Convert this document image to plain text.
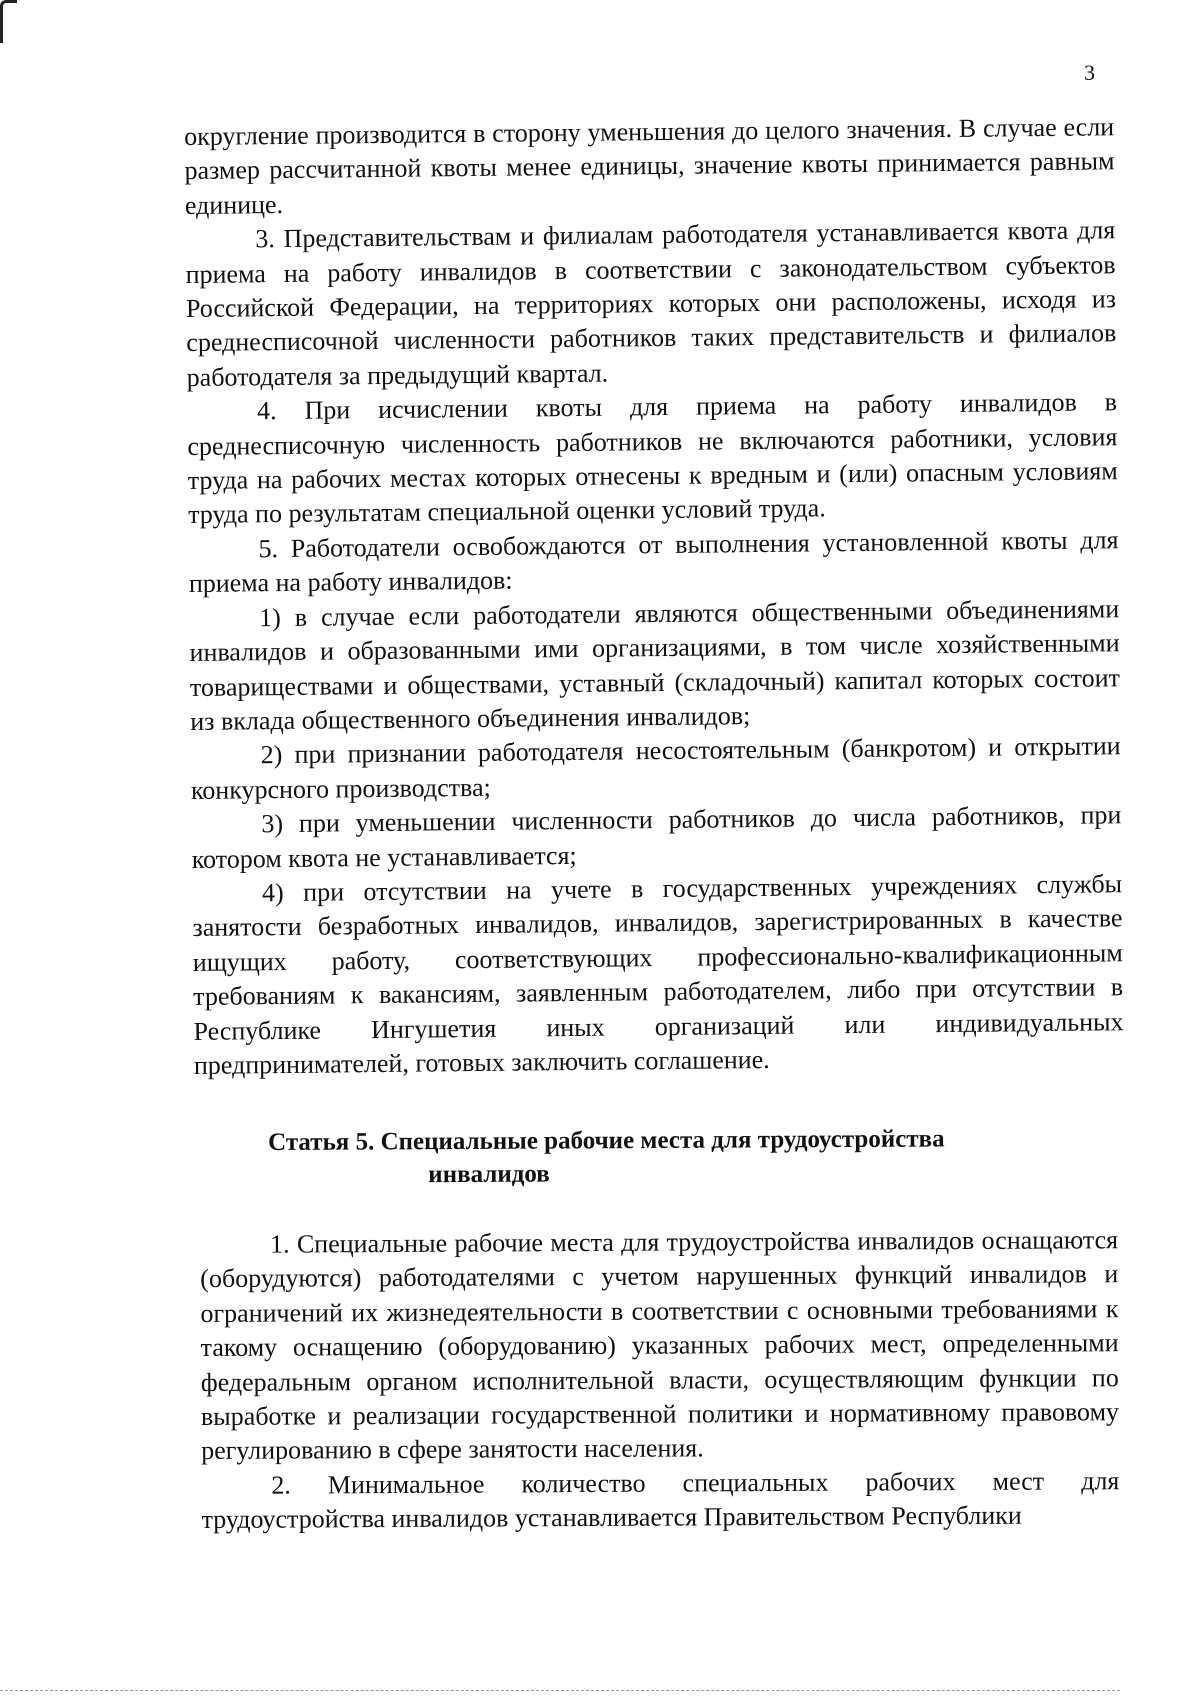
3

округление производится в сторону уменьшения до целого значения. В случае если размер рассчитанной квоты менее единицы, значение квоты принимается равным единице.

3. Представительствам и филиалам работодателя устанавливается квота для приема на работу инвалидов в соответствии с законодательством субъектов Российской Федерации, на территориях которых они расположены, исходя из среднесписочной численности работников таких представительств и филиалов работодателя за предыдущий квартал.

4. При исчислении квоты для приема на работу инвалидов в среднесписочную численность работников не включаются работники, условия труда на рабочих местах которых отнесены к вредным и (или) опасным условиям труда по результатам специальной оценки условий труда.

5. Работодатели освобождаются от выполнения установленной квоты для приема на работу инвалидов:

1) в случае если работодатели являются общественными объединениями инвалидов и образованными ими организациями, в том числе хозяйственными товариществами и обществами, уставный (складочный) капитал которых состоит из вклада общественного объединения инвалидов;

2) при признании работодателя несостоятельным (банкротом) и открытии конкурсного производства;

3) при уменьшении численности работников до числа работников, при котором квота не устанавливается;

4) при отсутствии на учете в государственных учреждениях службы занятости безработных инвалидов, инвалидов, зарегистрированных в качестве ищущих работу, соответствующих профессионально-квалификационным требованиям к вакансиям, заявленным работодателем, либо при отсутствии в Республике Ингушетия иных организаций или индивидуальных предпринимателей, готовых заключить соглашение.

Статья 5. Специальные рабочие места для трудоустройства
инвалидов

1. Специальные рабочие места для трудоустройства инвалидов оснащаются (оборудуются) работодателями с учетом нарушенных функций инвалидов и ограничений их жизнедеятельности в соответствии с основными требованиями к такому оснащению (оборудованию) указанных рабочих мест, определенными федеральным органом исполнительной власти, осуществляющим функции по выработке и реализации государственной политики и нормативному правовому регулированию в сфере занятости населения.

2. Минимальное количество специальных рабочих мест для трудоустройства инвалидов устанавливается Правительством Республики
